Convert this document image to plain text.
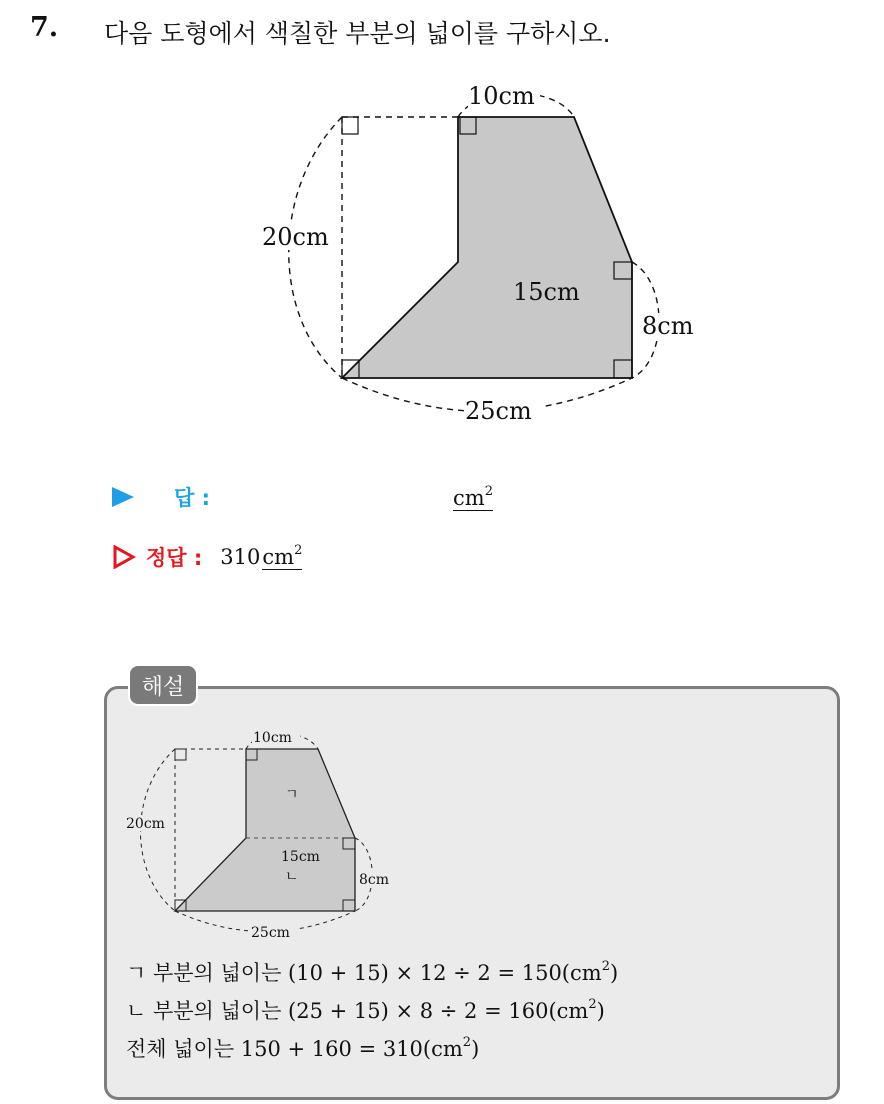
7. 다음 도형에서 색칠한 부분의 넓이를 구하시오.
10cm
20cm
15cm
8cm
25cm
답 :	$cm^2$
정답 : $310cm^2$
해설
10cm
20cm
15cm
8cm
25cm
ㄱ
ㄴ
ㄱ 부분의 넓이는 $(10 + 15) \times 12 \div 2 = 150(cm^2)$
ㄴ 부분의 넓이는 $(25 + 15) \times 8 \div 2 = 160(cm^2)$
전체 넓이는 $150 + 160 = 310(cm^2)$
